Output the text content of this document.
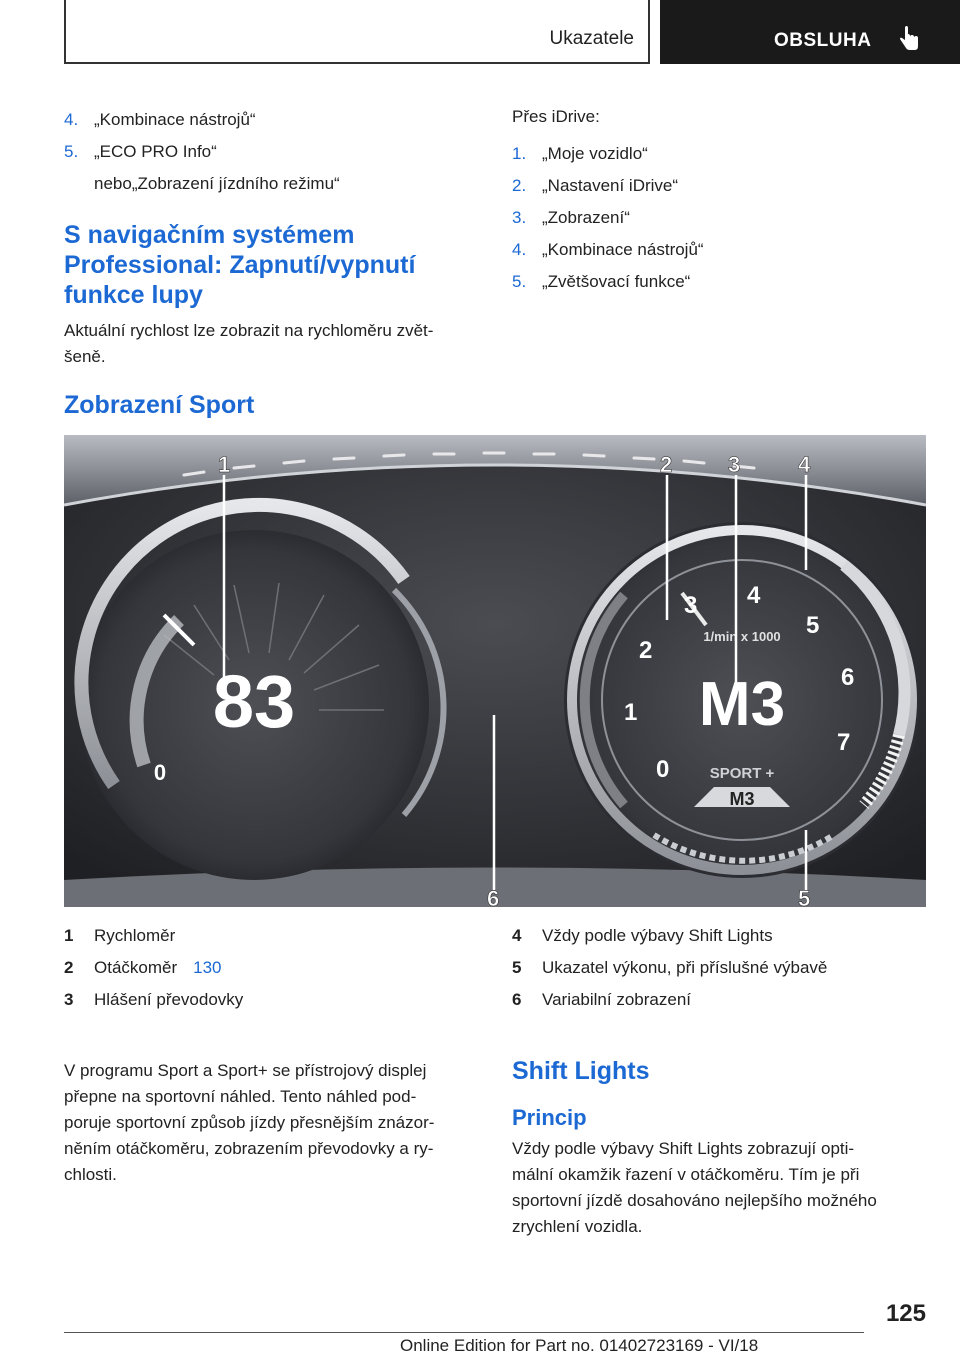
Ukazatele	OBSLUHA
4. „Kombinace nástrojů“
5. „ECO PRO Info“
nebo„Zobrazení jízdního režimu“
S navigačním systémem
Professional: Zapnutí/vypnutí
funkce lupy
Aktuální rychlost lze zobrazit na rychloměru zvět‐
šeně.
Přes iDrive:
1. „Moje vozidlo“
2. „Nastavení iDrive“
3. „Zobrazení“
4. „Kombinace nástrojů“
5. „Zvětšovací funkce“
Zobrazení Sport
83
0	0
1
2
3 4
5
6
7
1/min x 1000
M3
SPORT +
M3
1	2	3	4
5
6
1	Rychloměr
2	Otáčkoměr 130
3	Hlášení převodovky
4	Vždy podle výbavy Shift Lights
5	Ukazatel výkonu, při příslušné výbavě
6	Variabilní zobrazení
V programu Sport a Sport+ se přístrojový displej
přepne na sportovní náhled. Tento náhled pod‐
poruje sportovní způsob jízdy přesnějším znázor‐
něním otáčkoměru, zobrazením převodovky a ry‐
chlosti.
Shift Lights
Princip
Vždy podle výbavy Shift Lights zobrazují opti‐
mální okamžik řazení v otáčkoměru. Tím je při
sportovní jízdě dosahováno nejlepšího možného
zrychlení vozidla.
125
Online Edition for Part no. 01402723169 - VI/18
